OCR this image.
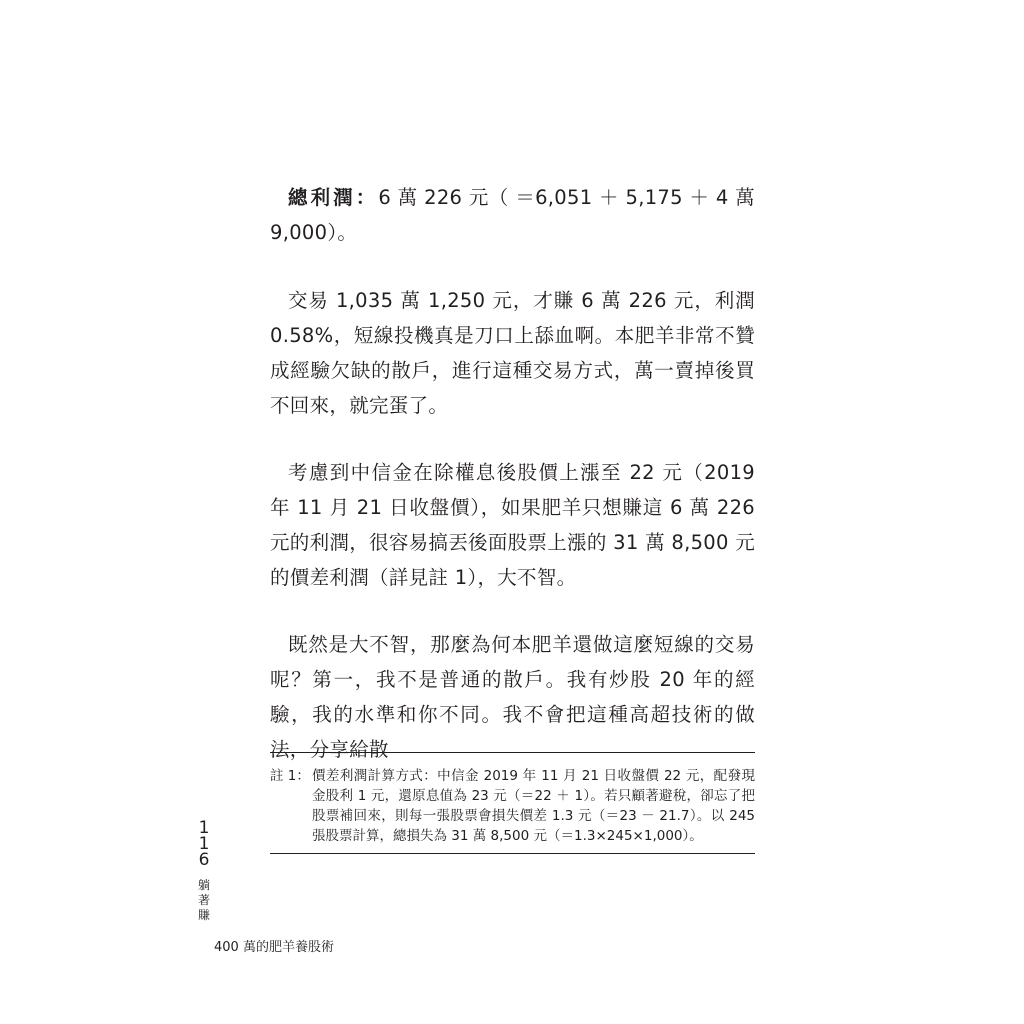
總利潤：6 萬 226 元（ ＝6,051 ＋ 5,175 ＋ 4 萬 9,000）。

交易 1,035 萬 1,250 元，才賺 6 萬 226 元，利潤 0.58%，短線投機真是刀口上舔血啊。本肥羊非常不贊成經驗欠缺的散戶，進行這種交易方式，萬一賣掉後買不回來，就完蛋了。

考慮到中信金在除權息後股價上漲至 22 元（2019 年 11 月 21 日收盤價），如果肥羊只想賺這 6 萬 226 元的利潤，很容易搞丟後面股票上漲的 31 萬 8,500 元的價差利潤（詳見註 1），大不智。

既然是大不智，那麼為何本肥羊還做這麼短線的交易呢？第一，我不是普通的散戶。我有炒股 20 年的經驗，我的水準和你不同。我不會把這種高超技術的做法，分享給散

註 1： 價差利潤計算方式：中信金 2019 年 11 月 21 日收盤價 22 元，配發現金股利 1 元，還原息值為 23 元（＝22 ＋ 1）。若只顧著避稅，卻忘了把股票補回來，則每一張股票會損失價差 1.3 元（＝23 － 21.7）。以 245 張股票計算，總損失為 31 萬 8,500 元（＝1.3×245×1,000）。
116
躺著賺
400 萬的肥羊養股術
